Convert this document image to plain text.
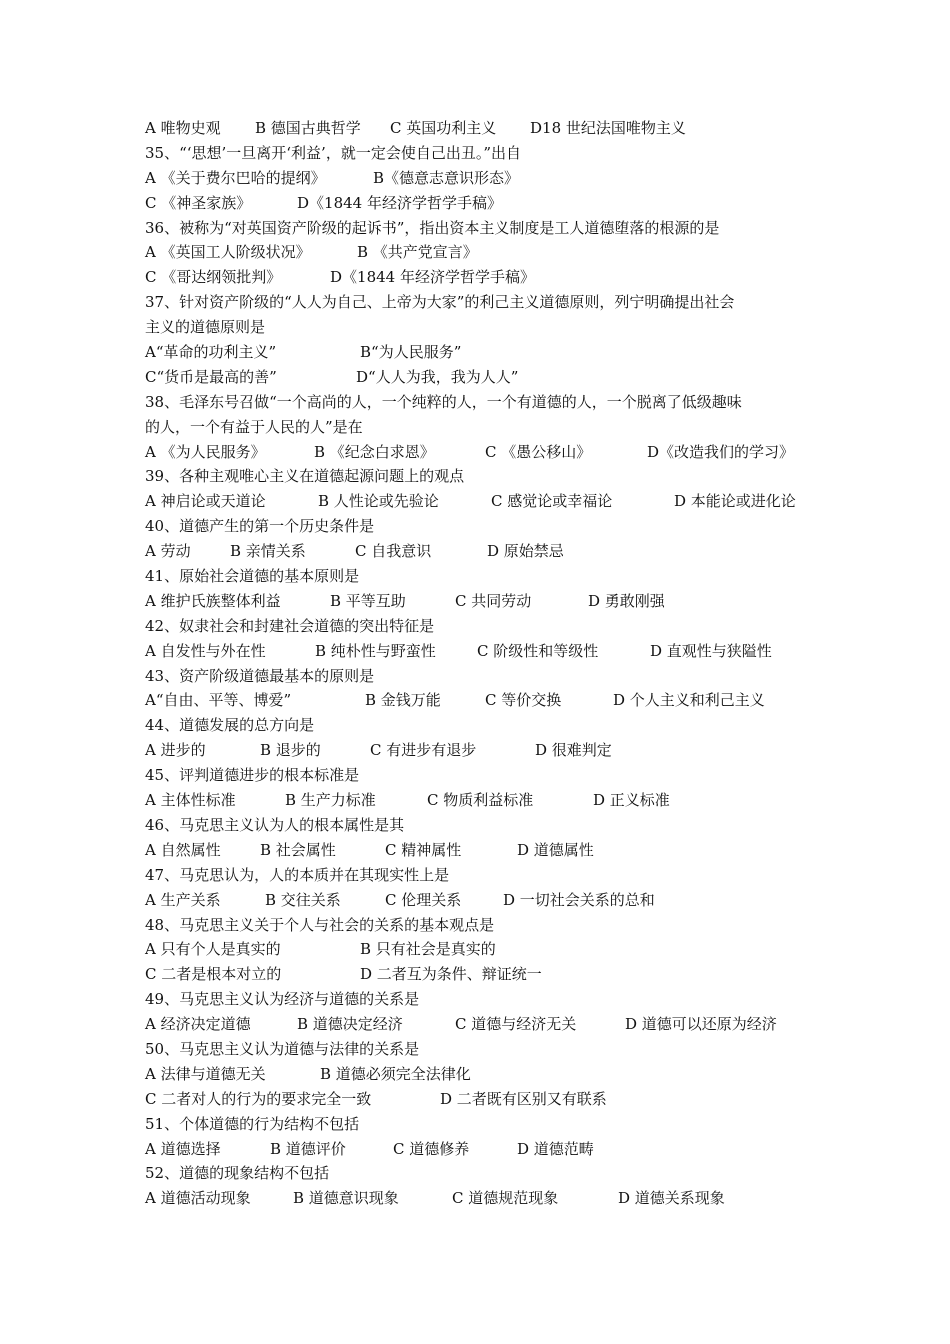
A 唯物史观 B 德国古典哲学 C 英国功利主义 D18 世纪法国唯物主义
35、“‘思想’一旦离开‘利益’，就一定会使自己出丑。”出自
A 《关于费尔巴哈的提纲》	B《德意志意识形态》
C 《神圣家族》	D《1844 年经济学哲学手稿》
36、被称为“对英国资产阶级的起诉书”，指出资本主义制度是工人道德堕落的根源的是
A 《英国工人阶级状况》	B 《共产党宣言》
C 《哥达纲领批判》	D《1844 年经济学哲学手稿》
37、针对资产阶级的“人人为自己、上帝为大家”的利己主义道德原则，列宁明确提出社会
主义的道德原则是
A“革命的功利主义”	B“为人民服务”
C“货币是最高的善”	D“人人为我，我为人人”
38、毛泽东号召做“一个高尚的人，一个纯粹的人，一个有道德的人，一个脱离了低级趣味
的人，一个有益于人民的人”是在
A 《为人民服务》	B 《纪念白求恩》	C 《愚公移山》	D《改造我们的学习》
39、各种主观唯心主义在道德起源问题上的观点
A 神启论或天道论	B 人性论或先验论	C 感觉论或幸福论	D 本能论或进化论
40、道德产生的第一个历史条件是
A 劳动	B 亲情关系	C 自我意识	D 原始禁忌
41、原始社会道德的基本原则是
A 维护氏族整体利益	B 平等互助	C 共同劳动	D 勇敢刚强
42、奴隶社会和封建社会道德的突出特征是
A 自发性与外在性	B 纯朴性与野蛮性	C 阶级性和等级性	D 直观性与狭隘性
43、资产阶级道德最基本的原则是
A“自由、平等、博爱”	B 金钱万能	C 等价交换	D 个人主义和利己主义
44、道德发展的总方向是
A 进步的	B 退步的	C 有进步有退步	D 很难判定
45、评判道德进步的根本标准是
A 主体性标准	B 生产力标准	C 物质利益标准	D 正义标准
46、马克思主义认为人的根本属性是其
A 自然属性	B 社会属性	C 精神属性	D 道德属性
47、马克思认为，人的本质并在其现实性上是
A 生产关系	B 交往关系	C 伦理关系	D 一切社会关系的总和
48、马克思主义关于个人与社会的关系的基本观点是
A 只有个人是真实的	B 只有社会是真实的
C 二者是根本对立的	D 二者互为条件、辩证统一
49、马克思主义认为经济与道德的关系是
A 经济决定道德	B 道德决定经济	C 道德与经济无关	D 道德可以还原为经济
50、马克思主义认为道德与法律的关系是
A 法律与道德无关	B 道德必须完全法律化
C 二者对人的行为的要求完全一致	D 二者既有区别又有联系
51、个体道德的行为结构不包括
A 道德选择	B 道德评价	C 道德修养	D 道德范畴
52、道德的现象结构不包括
A 道德活动现象	B 道德意识现象	C 道德规范现象	D 道德关系现象
